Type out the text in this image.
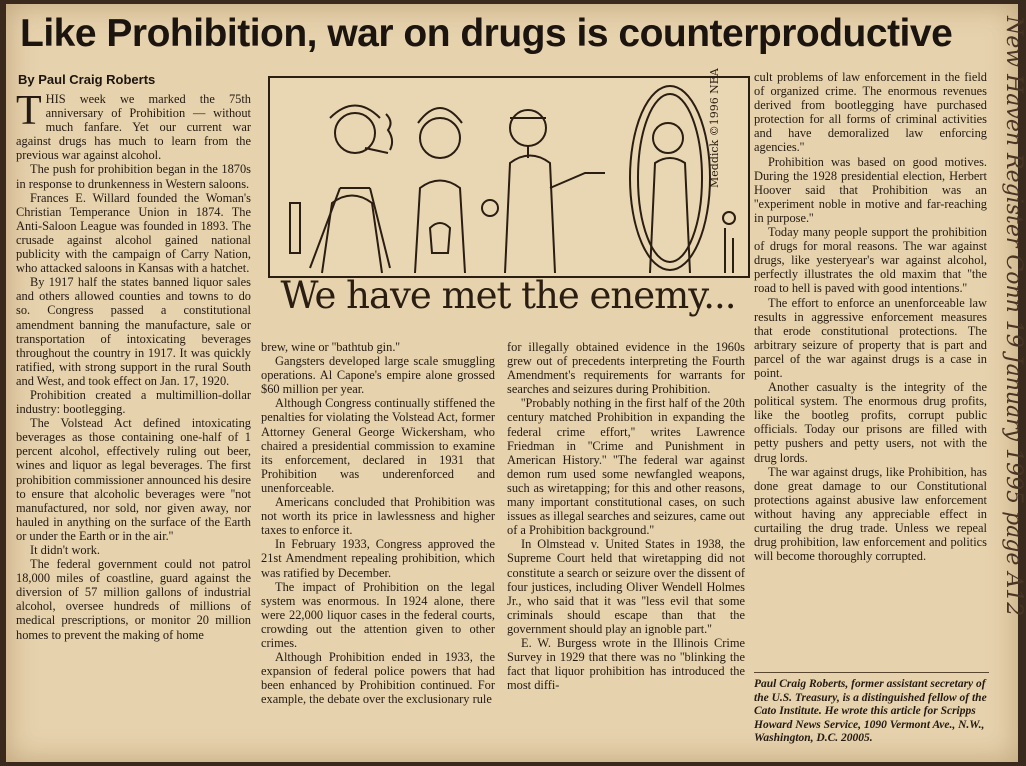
Like Prohibition, war on drugs is counterproductive
By Paul Craig Roberts

THIS week we marked the 75th anniversary of Prohibition — without much fanfare. Yet our current war against drugs has much to learn from the previous war against alcohol.

The push for prohibition began in the 1870s in response to drunkenness in Western saloons.

Frances E. Willard founded the Woman's Christian Temperance Union in 1874. The Anti-Saloon League was founded in 1893. The crusade against alcohol gained national publicity with the campaign of Carry Nation, who attacked saloons in Kansas with a hatchet.

By 1917 half the states banned liquor sales and others allowed counties and towns to do so. Congress passed a constitutional amendment banning the manufacture, sale or transportation of intoxicating beverages throughout the country in 1917. It was quickly ratified, with strong support in the rural South and West, and took effect on Jan. 17, 1920.

Prohibition created a multimillion-dollar industry: bootlegging.

The Volstead Act defined intoxicating beverages as those containing one-half of 1 percent alcohol, effectively ruling out beer, wines and liquor as legal beverages. The first prohibition commissioner announced his desire to ensure that alcoholic beverages were ''not manufactured, nor sold, nor given away, nor hauled in anything on the surface of the Earth or under the Earth or in the air.''

It didn't work.

The federal government could not patrol 18,000 miles of coastline, guard against the diversion of 57 million gallons of industrial alcohol, oversee hundreds of millions of medical prescriptions, or monitor 20 million homes to prevent the making of home

Meddick ©1996 NEA
We have met the enemy...

brew, wine or ''bathtub gin.''

Gangsters developed large scale smuggling operations. Al Capone's empire alone grossed $60 million per year.

Although Congress continually stiffened the penalties for violating the Volstead Act, former Attorney General George Wickersham, who chaired a presidential commission to examine its enforcement, declared in 1931 that Prohibition was underenforced and unenforceable.

Americans concluded that Prohibition was not worth its price in lawlessness and higher taxes to enforce it.

In February 1933, Congress approved the 21st Amendment repealing prohibition, which was ratified by December.

The impact of Prohibition on the legal system was enormous. In 1924 alone, there were 22,000 liquor cases in the federal courts, crowding out the attention given to other crimes.

Although Prohibition ended in 1933, the expansion of federal police powers that had been enhanced by Prohibition continued. For example, the debate over the exclusionary rule

for illegally obtained evidence in the 1960s grew out of precedents interpreting the Fourth Amendment's requirements for warrants for searches and seizures during Prohibition.

''Probably nothing in the first half of the 20th century matched Prohibition in expanding the federal crime effort,'' writes Lawrence Friedman in ''Crime and Punishment in American History.'' ''The federal war against demon rum used some newfangled weapons, such as wiretapping; for this and other reasons, many important constitutional cases, on such issues as illegal searches and seizures, came out of a Prohibition background.''

In Olmstead v. United States in 1938, the Supreme Court held that wiretapping did not constitute a search or seizure over the dissent of four justices, including Oliver Wendell Holmes Jr., who said that it was ''less evil that some criminals should escape than that the government should play an ignoble part.''

E. W. Burgess wrote in the Illinois Crime Survey in 1929 that there was no ''blinking the fact that liquor prohibition has introduced the most diffi-

cult problems of law enforcement in the field of organized crime. The enormous revenues derived from bootlegging have purchased protection for all forms of criminal activities and have demoralized law enforcing agencies.''

Prohibition was based on good motives. During the 1928 presidential election, Herbert Hoover said that Prohibition was an ''experiment noble in motive and far-reaching in purpose.''

Today many people support the prohibition of drugs for moral reasons. The war against drugs, like yesteryear's war against alcohol, perfectly illustrates the old maxim that ''the road to hell is paved with good intentions.''

The effort to enforce an unenforceable law results in aggressive enforcement measures that erode constitutional protections. The arbitrary seizure of property that is part and parcel of the war against drugs is a case in point.

Another casualty is the integrity of the political system. The enormous drug profits, like the bootleg profits, corrupt public officials. Today our prisons are filled with petty pushers and petty users, not with the drug lords.

The war against drugs, like Prohibition, has done great damage to our Constitutional protections against abusive law enforcement without having any appreciable effect in curtailing the drug trade. Unless we repeal drug prohibition, law enforcement and politics will become thoroughly corrupted.

Paul Craig Roberts, former assistant secretary of the U.S. Treasury, is a distinguished fellow of the Cato Institute. He wrote this article for Scripps Howard News Service, 1090 Vermont Ave., N.W., Washington, D.C. 20005.
New Haven Register Conn 19 January 1995 page A12
